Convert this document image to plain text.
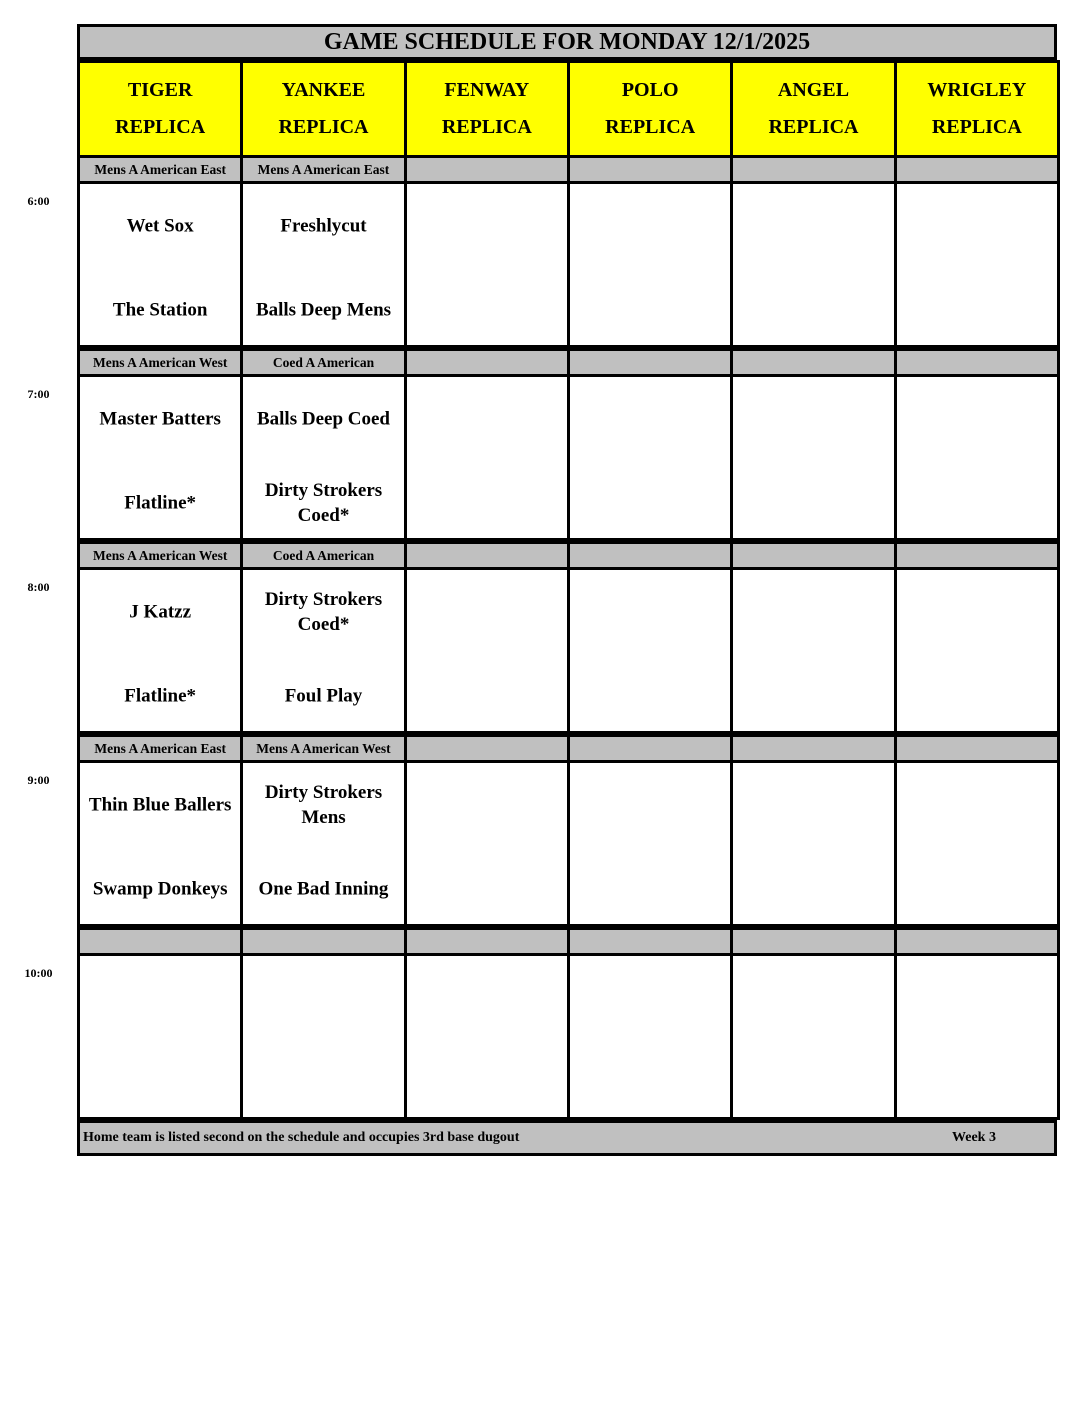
GAME SCHEDULE FOR MONDAY 12/1/2025
TIGER
REPLICA
YANKEE
REPLICA
FENWAY
REPLICA
POLO
REPLICA
ANGEL
REPLICA
WRIGLEY
REPLICA
Mens A American East
Wet Sox
The Station
Mens A American East
Freshlycut
Balls Deep Mens
Mens A American West
Master Batters
Flatline*
Coed A American
Balls Deep Coed
Dirty Strokers Coed*
Mens A American West
J Katzz
Flatline*
Coed A American
Dirty Strokers Coed*
Foul Play
Mens A American East
Thin Blue Ballers
Swamp Donkeys
Mens A American West
Dirty Strokers Mens
One Bad Inning
Home team is listed second on the schedule and occupies 3rd base dugout	Week 3
6:00
7:00
8:00
9:00
10:00
